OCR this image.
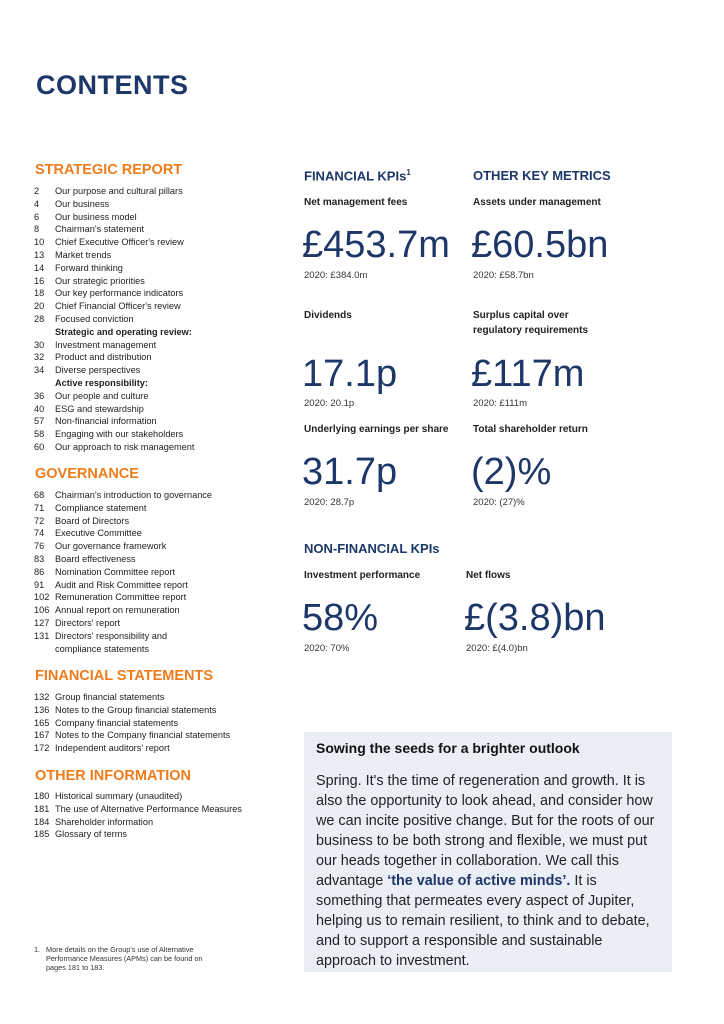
CONTENTS
STRATEGIC REPORT
2	Our purpose and cultural pillars
4	Our business
6	Our business model
8	Chairman's statement
10	Chief Executive Officer's review
13	Market trends
14	Forward thinking
16	Our strategic priorities
18	Our key performance indicators
20	Chief Financial Officer's review
28	Focused conviction
Strategic and operating review:
30	Investment management
32	Product and distribution
34	Diverse perspectives
Active responsibility:
36	Our people and culture
40	ESG and stewardship
57	Non-financial information
58	Engaging with our stakeholders
60	Our approach to risk management
GOVERNANCE
68	Chairman's introduction to governance
71	Compliance statement
72	Board of Directors
74	Executive Committee
76	Our governance framework
83	Board effectiveness
86	Nomination Committee report
91	Audit and Risk Committee report
102 Remuneration Committee report
106 Annual report on remuneration
127 Directors' report
131 Directors' responsibility and compliance statements
FINANCIAL STATEMENTS
132 Group financial statements
136 Notes to the Group financial statements
165 Company financial statements
167 Notes to the Company financial statements
172 Independent auditors' report
OTHER INFORMATION
180 Historical summary (unaudited)
181 The use of Alternative Performance Measures
184 Shareholder information
185 Glossary of terms
1. More details on the Group's use of Alternative Performance Measures (APMs) can be found on pages 181 to 183.
FINANCIAL KPIs$^1$	OTHER KEY METRICS
Net management fees
£453.7m
2020: £384.0m
Assets under management
£60.5bn
2020: £58.7bn
Dividends
17.1p
2020: 20.1p
Surplus capital over
regulatory requirements
£117m
2020: £111m
Underlying earnings per share
31.7p
2020: 28.7p
Total shareholder return
(2)%
2020: (27)%
NON-FINANCIAL KPIs
Investment performance
58%
2020: 70%
Net flows
£(3.8)bn
2020: £(4.0)bn
Sowing the seeds for a brighter outlook
Spring. It's the time of regeneration and growth. It is also the opportunity to look ahead, and consider how we can incite positive change. But for the roots of our business to be both strong and flexible, we must put our heads together in collaboration. We call this advantage ‘the value of active minds’. It is something that permeates every aspect of Jupiter, helping us to remain resilient, to think and to debate, and to support a responsible and sustainable approach to investment.
